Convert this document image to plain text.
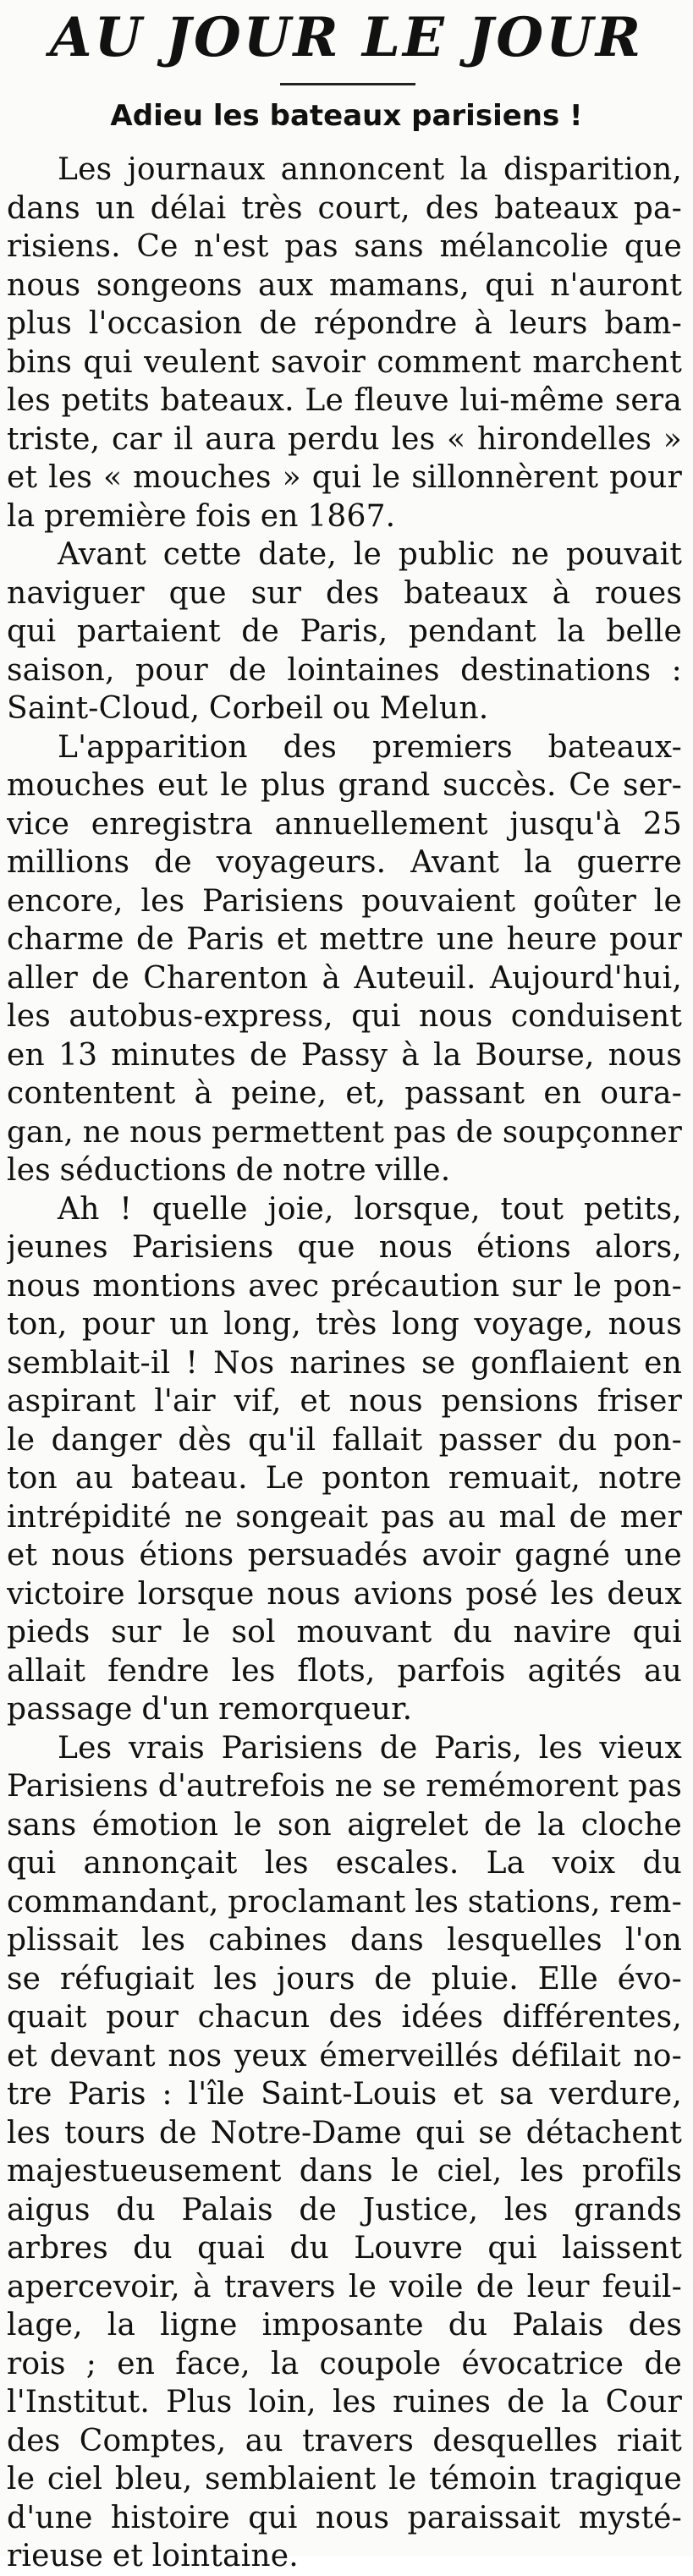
AU JOUR LE JOUR
Adieu les bateaux parisiens !
Les journaux annoncent la disparition,
dans un délai très court, des bateaux pa-
risiens. Ce n'est pas sans mélancolie que
nous songeons aux mamans, qui n'auront
plus l'occasion de répondre à leurs bam-
bins qui veulent savoir comment marchent
les petits bateaux. Le fleuve lui-même sera
triste, car il aura perdu les « hirondelles »
et les « mouches » qui le sillonnèrent pour
la première fois en 1867.
Avant cette date, le public ne pouvait
naviguer que sur des bateaux à roues
qui partaient de Paris, pendant la belle
saison, pour de lointaines destinations :
Saint-Cloud, Corbeil ou Melun.
L'apparition des premiers bateaux-
mouches eut le plus grand succès. Ce ser-
vice enregistra annuellement jusqu'à 25
millions de voyageurs. Avant la guerre
encore, les Parisiens pouvaient goûter le
charme de Paris et mettre une heure pour
aller de Charenton à Auteuil. Aujourd'hui,
les autobus-express, qui nous conduisent
en 13 minutes de Passy à la Bourse, nous
contentent à peine, et, passant en oura-
gan, ne nous permettent pas de soupçonner
les séductions de notre ville.
Ah ! quelle joie, lorsque, tout petits,
jeunes Parisiens que nous étions alors,
nous montions avec précaution sur le pon-
ton, pour un long, très long voyage, nous
semblait-il ! Nos narines se gonflaient en
aspirant l'air vif, et nous pensions friser
le danger dès qu'il fallait passer du pon-
ton au bateau. Le ponton remuait, notre
intrépidité ne songeait pas au mal de mer
et nous étions persuadés avoir gagné une
victoire lorsque nous avions posé les deux
pieds sur le sol mouvant du navire qui
allait fendre les flots, parfois agités au
passage d'un remorqueur.
Les vrais Parisiens de Paris, les vieux
Parisiens d'autrefois ne se remémorent pas
sans émotion le son aigrelet de la cloche
qui annonçait les escales. La voix du
commandant, proclamant les stations, rem-
plissait les cabines dans lesquelles l'on
se réfugiait les jours de pluie. Elle évo-
quait pour chacun des idées différentes,
et devant nos yeux émerveillés défilait no-
tre Paris : l'île Saint-Louis et sa verdure,
les tours de Notre-Dame qui se détachent
majestueusement dans le ciel, les profils
aigus du Palais de Justice, les grands
arbres du quai du Louvre qui laissent
apercevoir, à travers le voile de leur feuil-
lage, la ligne imposante du Palais des
rois ; en face, la coupole évocatrice de
l'Institut. Plus loin, les ruines de la Cour
des Comptes, au travers desquelles riait
le ciel bleu, semblaient le témoin tragique
d'une histoire qui nous paraissait mysté-
rieuse et lointaine.
